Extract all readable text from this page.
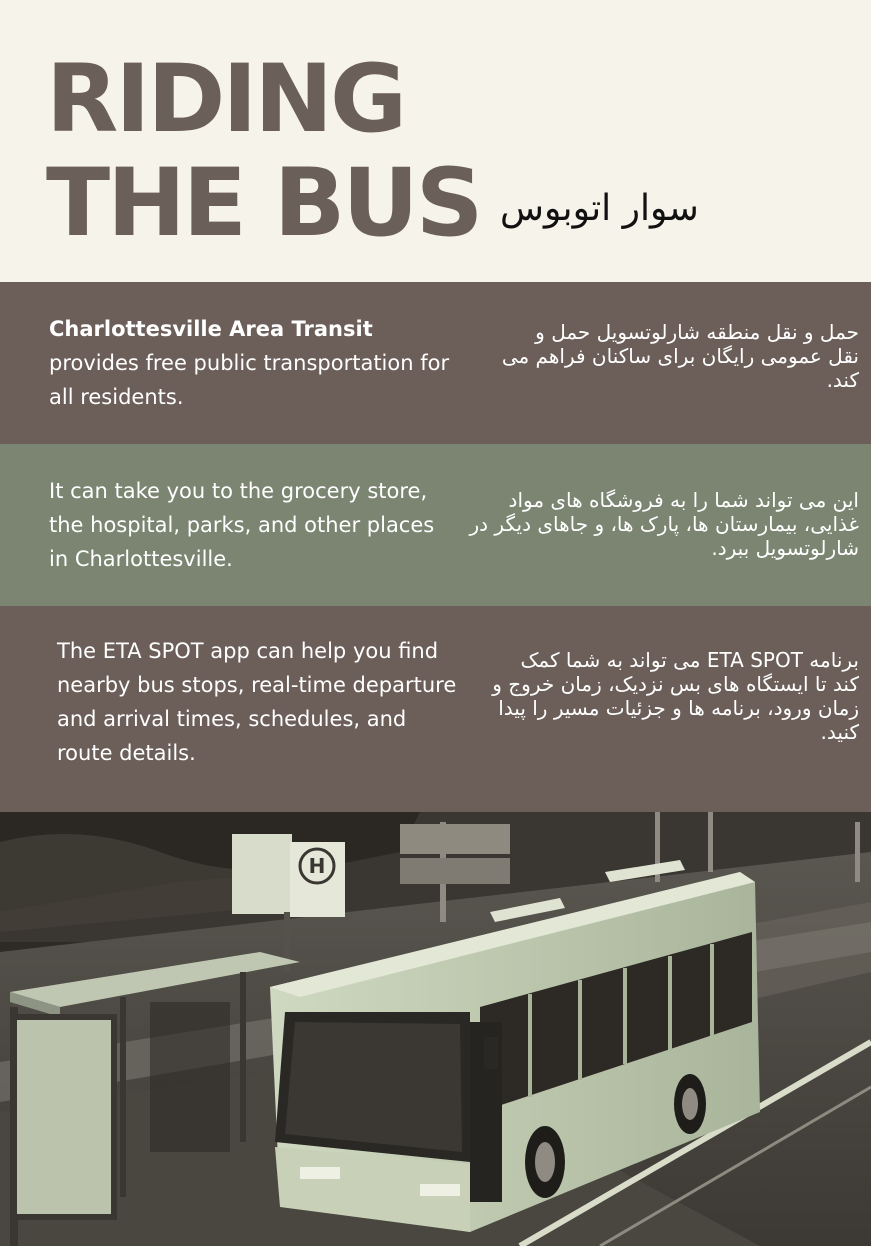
RIDING
THE BUS سوار اتوبوس
Charlottesville Area Transit
provides free public transportation for all residents.
حمل و نقل منطقه شارلوتسویل حمل و نقل عمومی رایگان برای ساکنان فراهم می کند.
It can take you to the grocery store, the hospital, parks, and other places in Charlottesville.
این می تواند شما را به فروشگاه های مواد غذایی، بیمارستان ها، پارک ها، و جاهای دیگر در شارلوتسویل ببرد.
The ETA SPOT app can help you find nearby bus stops, real-time departure and arrival times, schedules, and route details.
برنامه ETA SPOT می تواند به شما کمک کند تا ایستگاه های بس نزدیک، زمان خروج و زمان ورود، برنامه ها و جزئیات مسیر را پیدا کنید.
H
